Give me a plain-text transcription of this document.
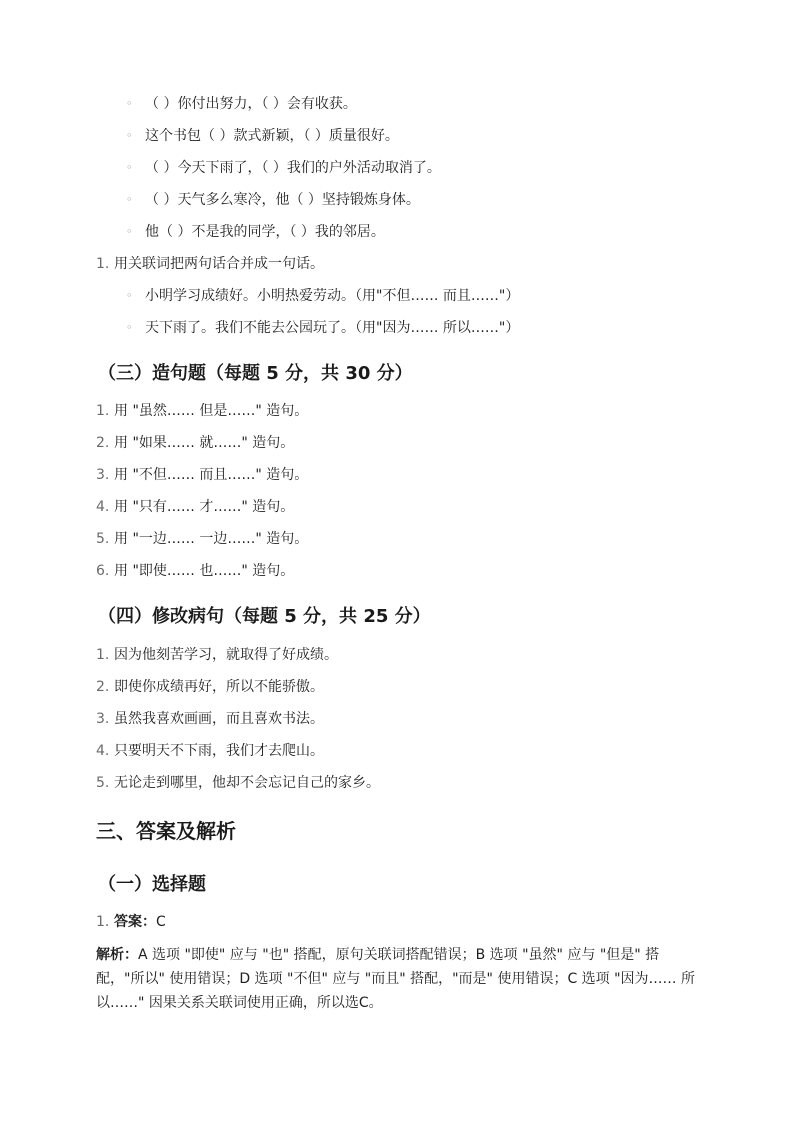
◦ （ ）你付出努力，（ ）会有收获。
◦ 这个书包（ ）款式新颖，（ ）质量很好。
◦ （ ）今天下雨了，（ ）我们的户外活动取消了。
◦ （ ）天气多么寒冷，他（ ）坚持锻炼身体。
◦ 他（ ）不是我的同学，（ ）我的邻居。
1. 用关联词把两句话合并成一句话。
◦ 小明学习成绩好。小明热爱劳动。（用"不但…… 而且……"）
◦ 天下雨了。我们不能去公园玩了。（用"因为…… 所以……"）
（三）造句题（每题 5 分，共 30 分）
1. 用 "虽然…… 但是……" 造句。
2. 用 "如果…… 就……" 造句。
3. 用 "不但…… 而且……" 造句。
4. 用 "只有…… 才……" 造句。
5. 用 "一边…… 一边……" 造句。
6. 用 "即使…… 也……" 造句。
（四）修改病句（每题 5 分，共 25 分）
1. 因为他刻苦学习，就取得了好成绩。
2. 即使你成绩再好，所以不能骄傲。
3. 虽然我喜欢画画，而且喜欢书法。
4. 只要明天不下雨，我们才去爬山。
5. 无论走到哪里，他却不会忘记自己的家乡。
三、答案及解析
（一）选择题
1. 答案：C
解析：A 选项 "即使" 应与 "也" 搭配，原句关联词搭配错误；B 选项 "虽然" 应与 "但是" 搭配，"所以" 使用错误；D 选项 "不但" 应与 "而且" 搭配，"而是" 使用错误；C 选项 "因为…… 所以……" 因果关系关联词使用正确，所以选C。
